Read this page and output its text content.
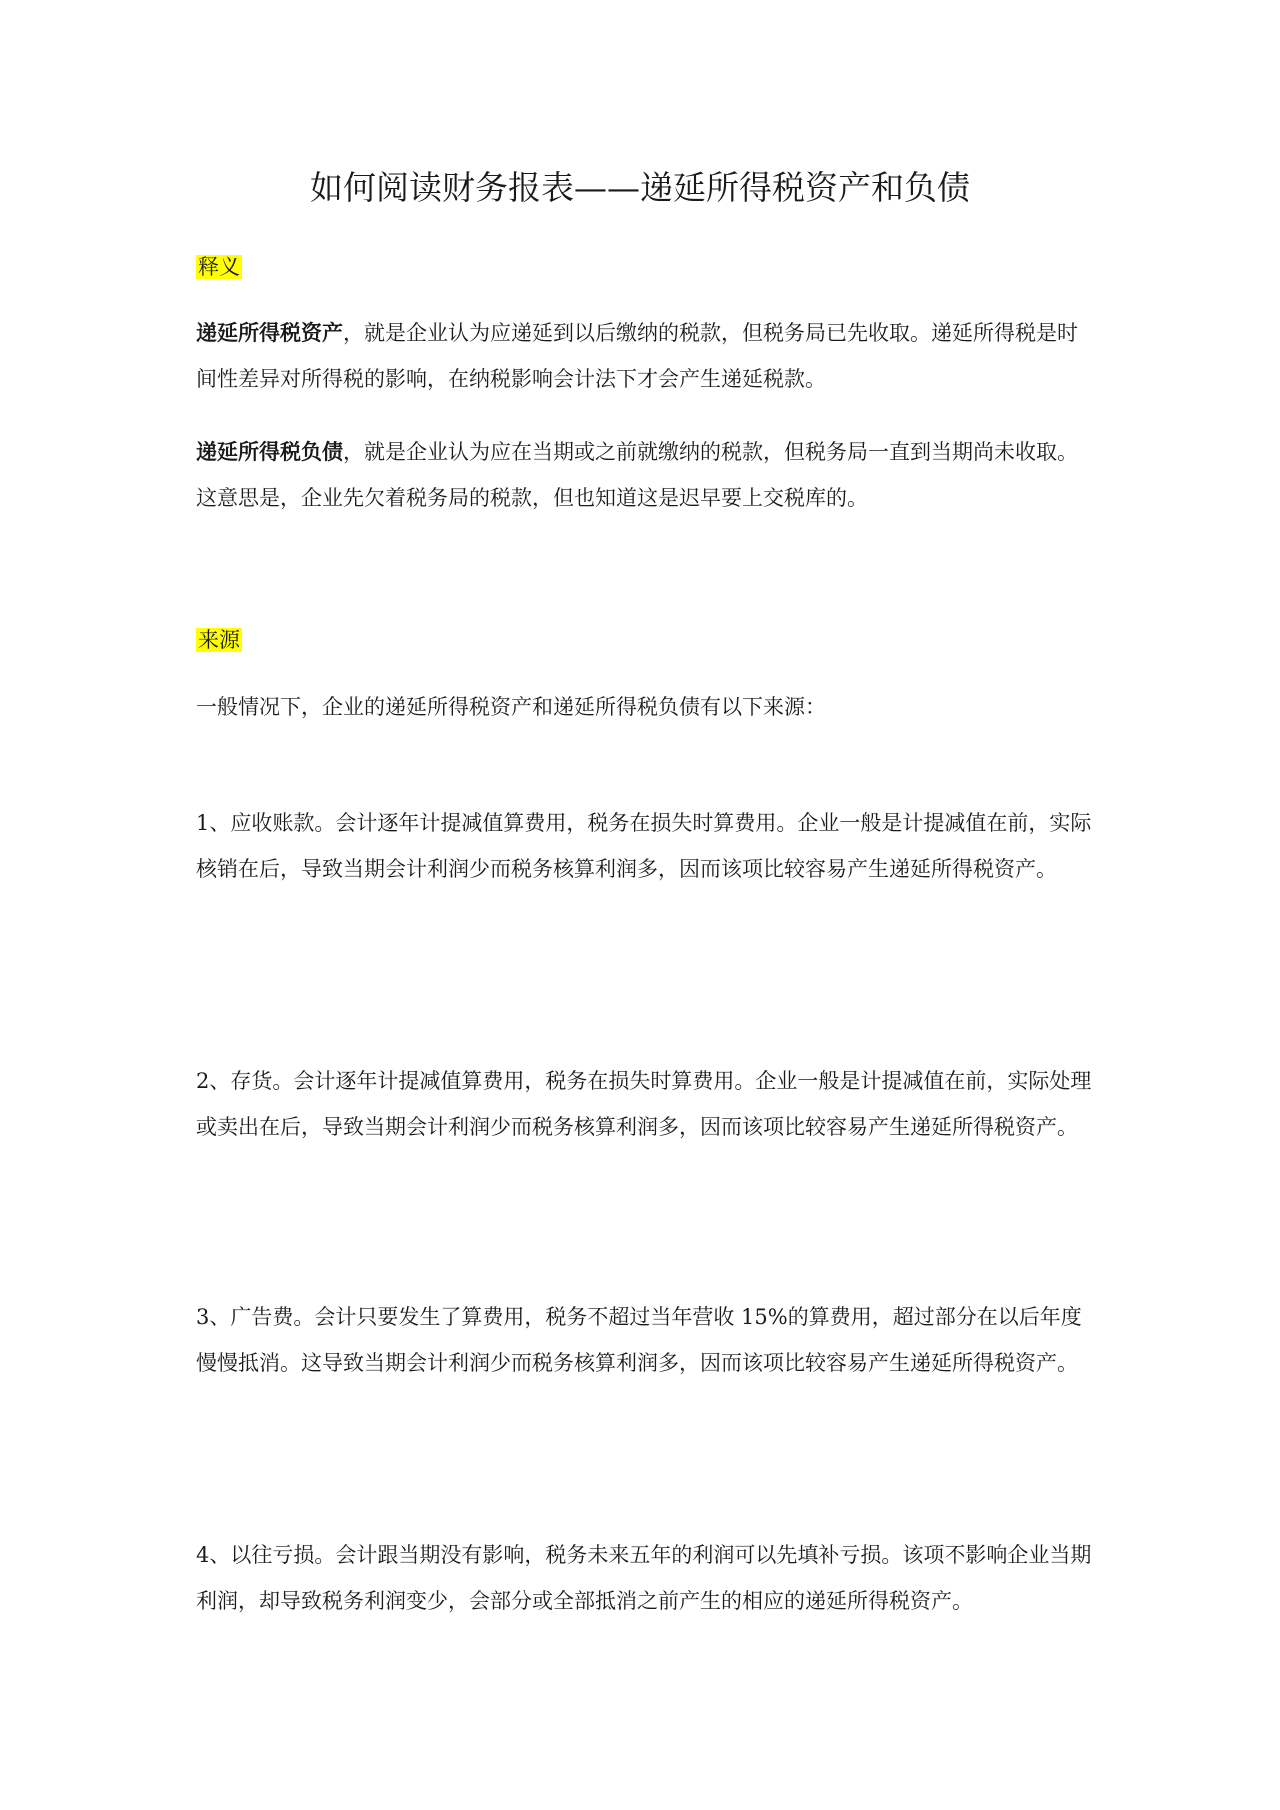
如何阅读财务报表——递延所得税资产和负债

释义

递延所得税资产，就是企业认为应递延到以后缴纳的税款，但税务局已先收取。递延所得税是时间性差异对所得税的影响，在纳税影响会计法下才会产生递延税款。

递延所得税负债，就是企业认为应在当期或之前就缴纳的税款，但税务局一直到当期尚未收取。这意思是，企业先欠着税务局的税款，但也知道这是迟早要上交税库的。

来源

一般情况下，企业的递延所得税资产和递延所得税负债有以下来源：

1、应收账款。会计逐年计提减值算费用，税务在损失时算费用。企业一般是计提减值在前，实际核销在后，导致当期会计利润少而税务核算利润多，因而该项比较容易产生递延所得税资产。

2、存货。会计逐年计提减值算费用，税务在损失时算费用。企业一般是计提减值在前，实际处理或卖出在后，导致当期会计利润少而税务核算利润多，因而该项比较容易产生递延所得税资产。

3、广告费。会计只要发生了算费用，税务不超过当年营收 15%的算费用，超过部分在以后年度慢慢抵消。这导致当期会计利润少而税务核算利润多，因而该项比较容易产生递延所得税资产。

4、以往亏损。会计跟当期没有影响，税务未来五年的利润可以先填补亏损。该项不影响企业当期利润，却导致税务利润变少，会部分或全部抵消之前产生的相应的递延所得税资产。
